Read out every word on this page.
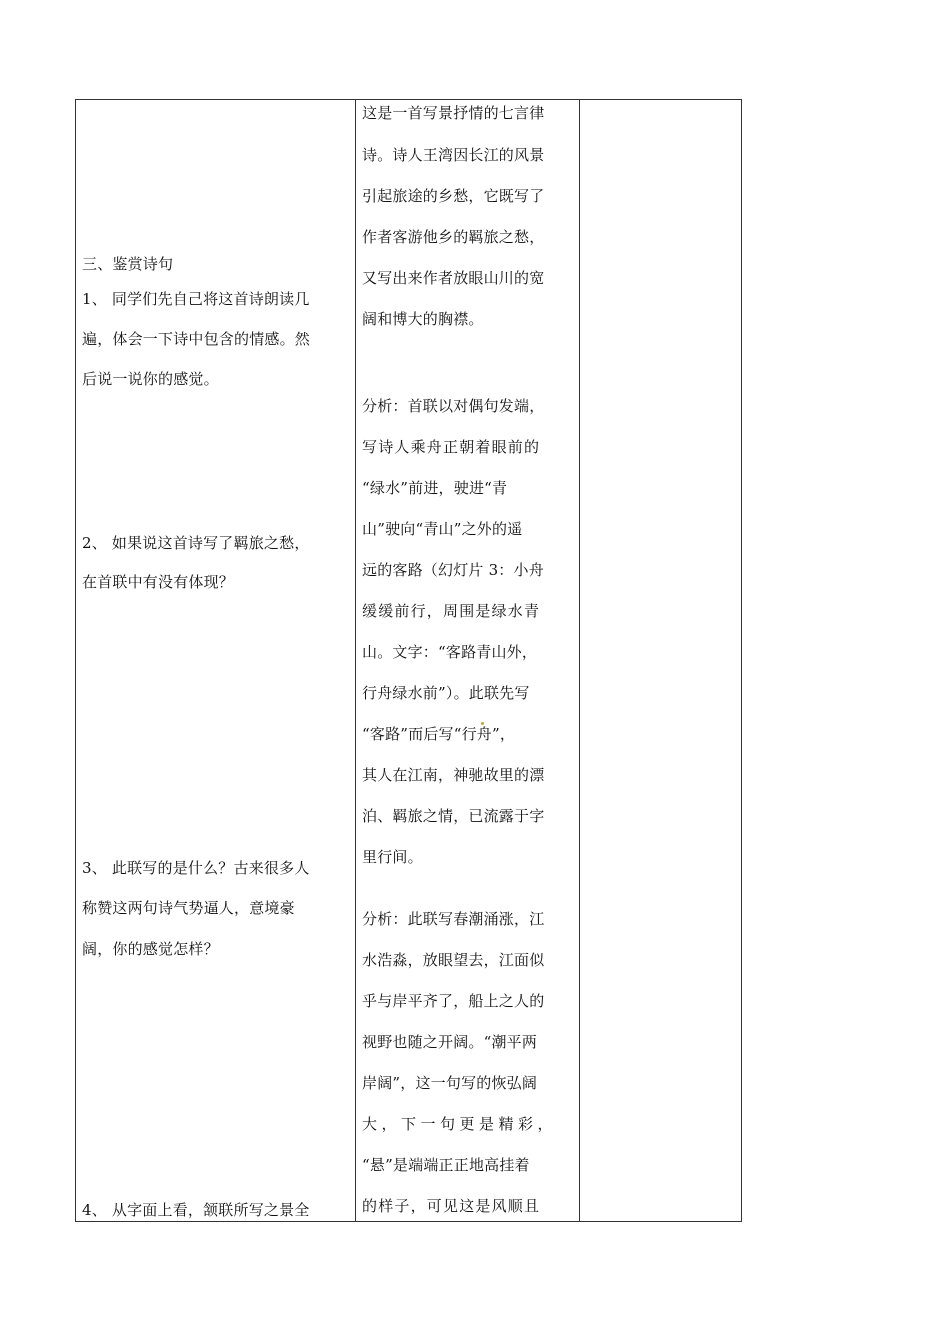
三、鉴赏诗句
1、 同学们先自己将这首诗朗读几
遍，体会一下诗中包含的情感。然
后说一说你的感觉。
2、 如果说这首诗写了羁旅之愁，
在首联中有没有体现？
3、 此联写的是什么？古来很多人
称赞这两句诗气势逼人，意境豪
阔，你的感觉怎样？
4、 从字面上看，颔联所写之景全
这是一首写景抒情的七言律
诗。诗人王湾因长江的风景
引起旅途的乡愁，它既写了
作者客游他乡的羁旅之愁，
又写出来作者放眼山川的宽
阔和博大的胸襟。
分析：首联以对偶句发端，
写诗人乘舟正朝着眼前的
“绿水”前进，驶进“青
山”驶向“青山”之外的遥
远的客路（幻灯片 3：小舟
缓缓前行，周围是绿水青
山。文字：“客路青山外，
行舟绿水前”）。此联先写
“客路”而后写“行舟”，
其人在江南，神驰故里的漂
泊、羁旅之情，已流露于字
里行间。
分析：此联写春潮涌涨，江
水浩淼，放眼望去，江面似
乎与岸平齐了，船上之人的
视野也随之开阔。“潮平两
岸阔”，这一句写的恢弘阔
大，下一句更是精彩，
“悬”是端端正正地高挂着
的样子，可见这是风顺且
